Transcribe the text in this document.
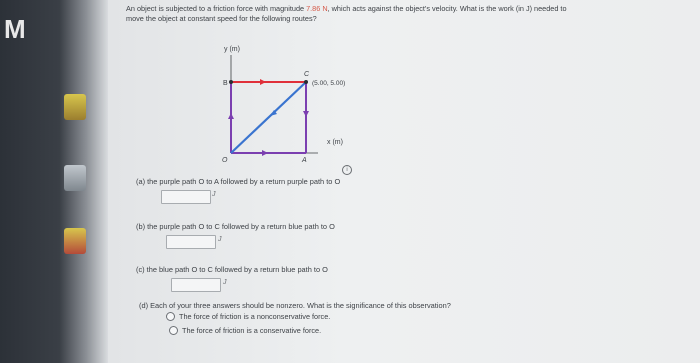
M
An object is subjected to a friction force with magnitude 7.86 N, which acts against the object's velocity. What is the work (in J) needed to
move the object at constant speed for the following routes?
y (m)
x (m)
B
C
(5.00, 5.00)
O	A
i
(a) the purple path O to A followed by a return purple path to O
J
(b) the purple path O to C followed by a return blue path to O
J
(c) the blue path O to C followed by a return blue path to O
J
(d) Each of your three answers should be nonzero. What is the significance of this observation?
The force of friction is a nonconservative force.
The force of friction is a conservative force.
